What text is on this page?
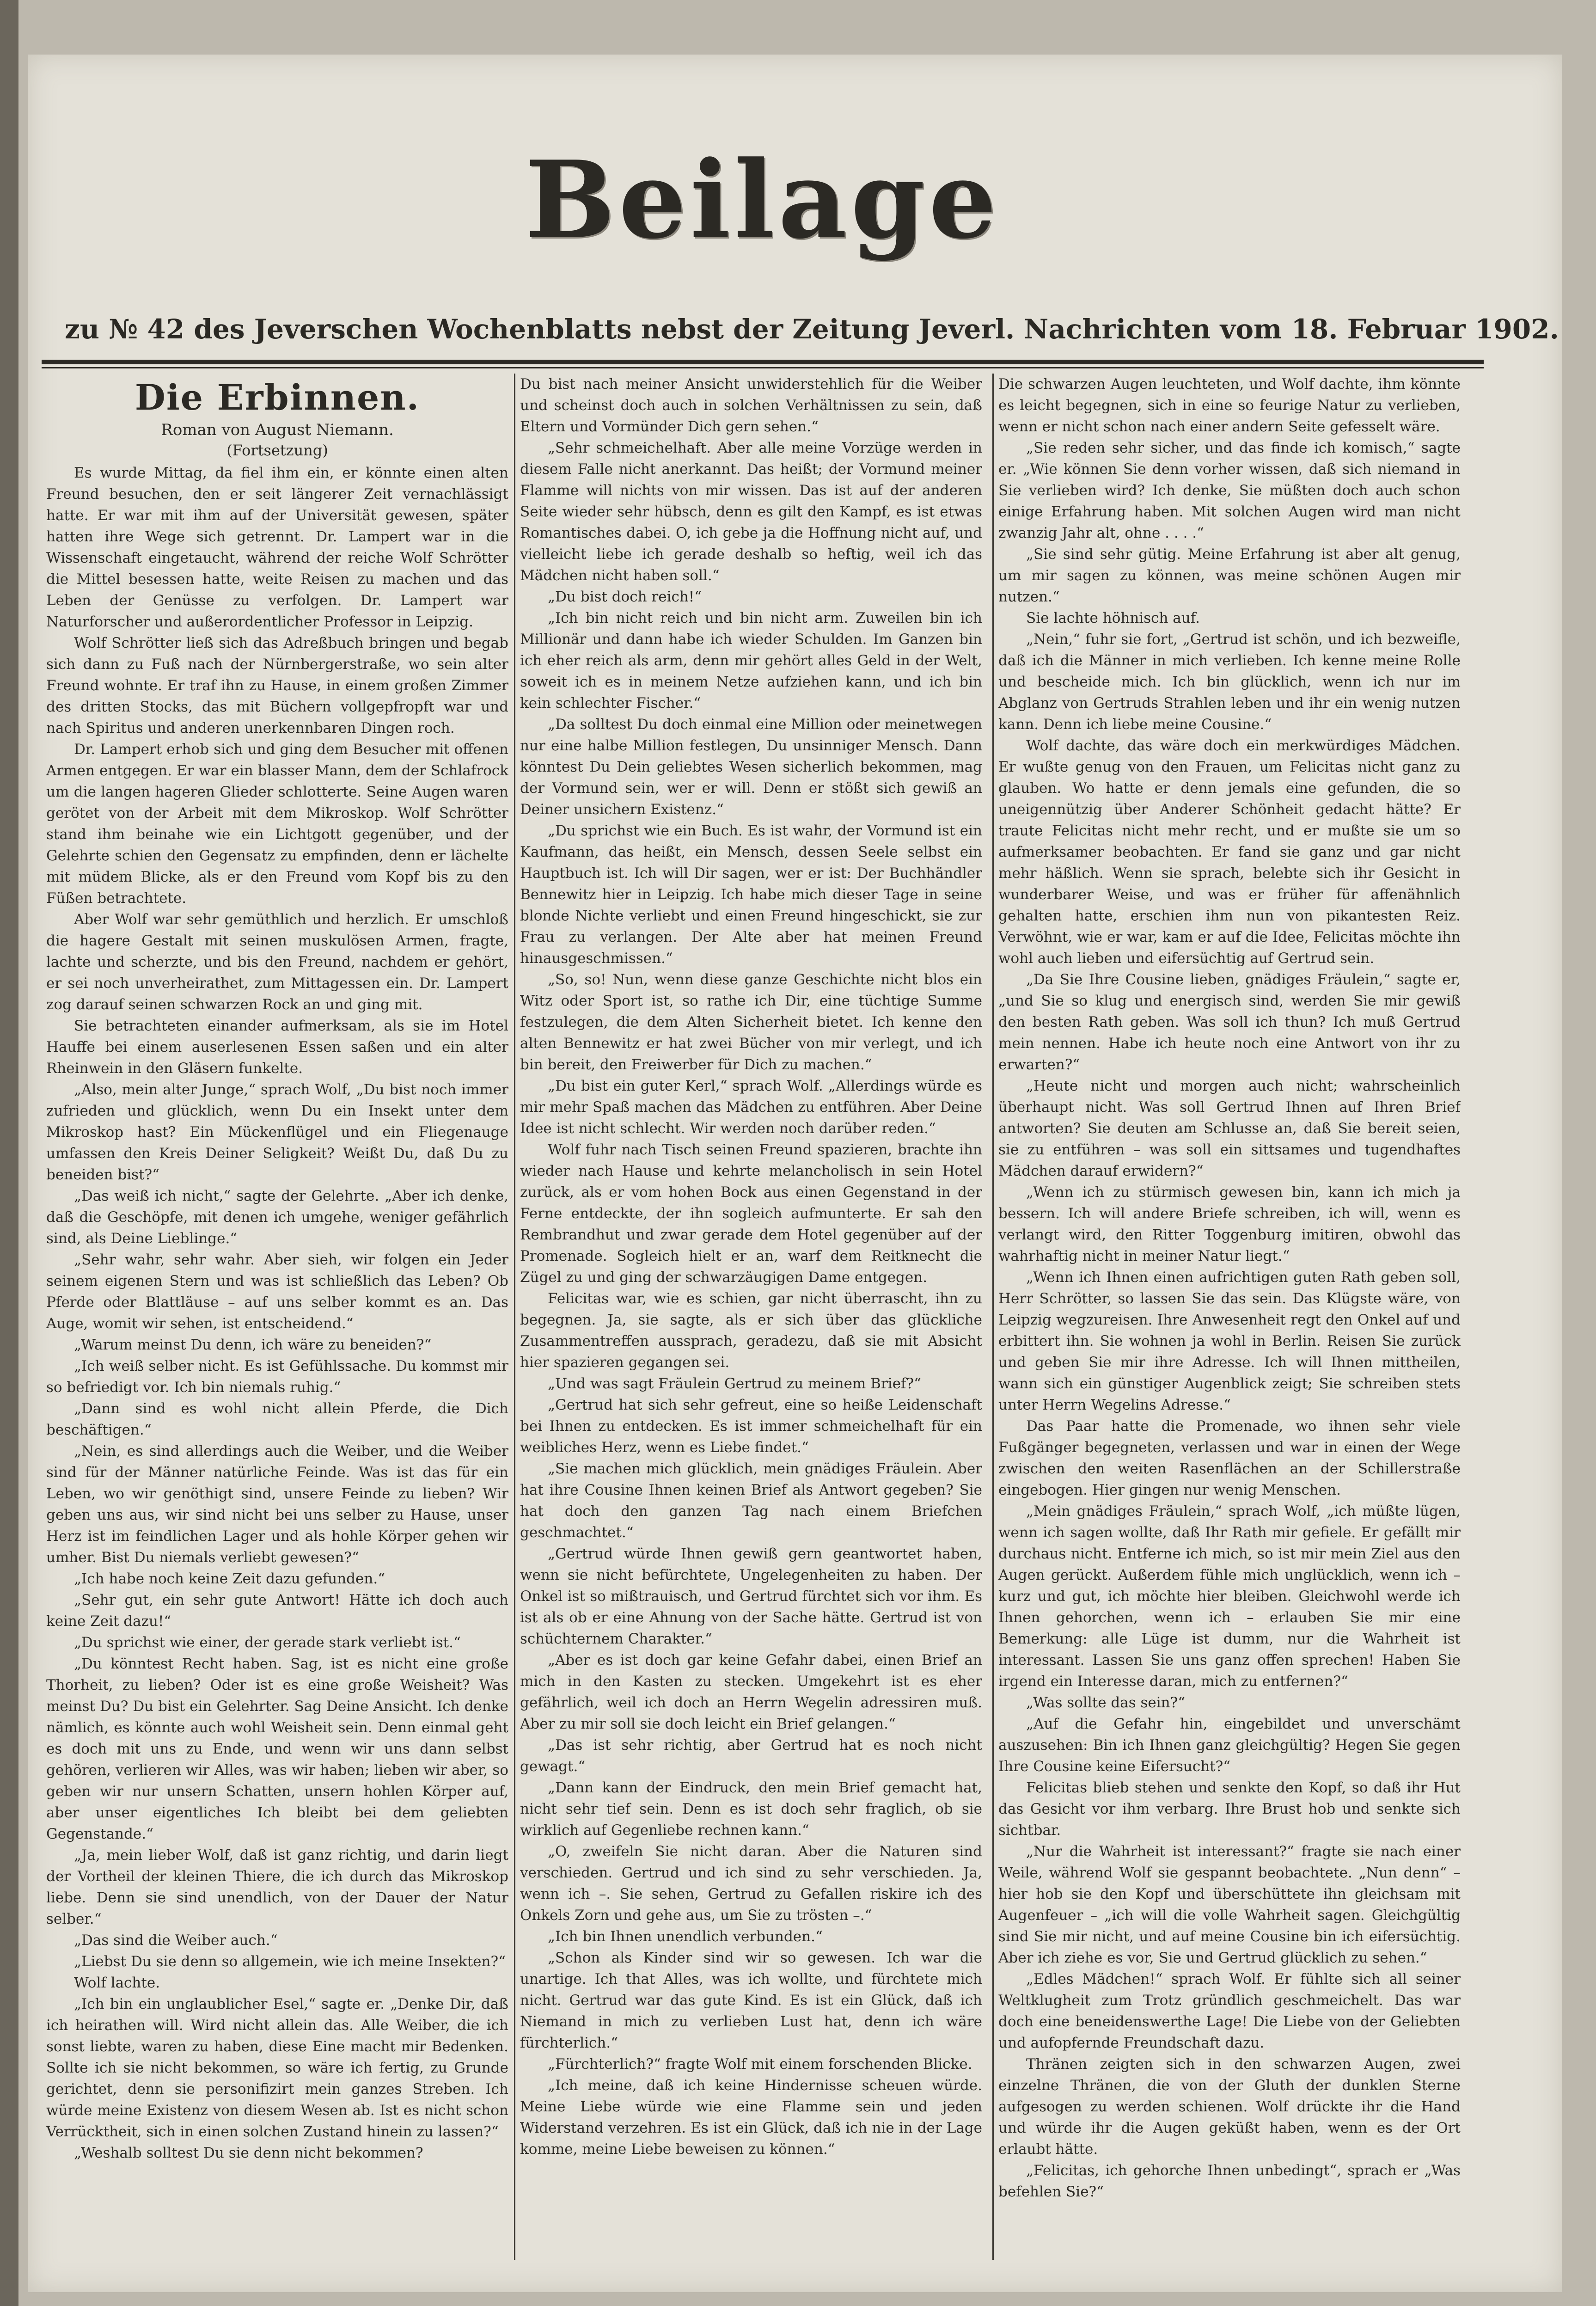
Beilage
zu № 42 des Jeverschen Wochenblatts nebst der Zeitung Jeverl. Nachrichten vom 18. Februar 1902.
Die Erbinnen.
Roman von August Niemann.
(Fortsetzung)

Es wurde Mittag, da fiel ihm ein, er könnte einen alten Freund besuchen, den er seit längerer Zeit vernachlässigt hatte. Er war mit ihm auf der Universität gewesen, später hatten ihre Wege sich getrennt. Dr. Lampert war in die Wissenschaft eingetaucht, während der reiche Wolf Schrötter die Mittel besessen hatte, weite Reisen zu machen und das Leben der Genüsse zu verfolgen. Dr. Lampert war Naturforscher und außerordentlicher Professor in Leipzig.

Wolf Schrötter ließ sich das Adreßbuch bringen und begab sich dann zu Fuß nach der Nürnbergerstraße, wo sein alter Freund wohnte. Er traf ihn zu Hause, in einem großen Zimmer des dritten Stocks, das mit Büchern vollgepfropft war und nach Spiritus und anderen unerkennbaren Dingen roch.

Dr. Lampert erhob sich und ging dem Besucher mit offenen Armen entgegen. Er war ein blasser Mann, dem der Schlafrock um die langen hageren Glieder schlotterte. Seine Augen waren gerötet von der Arbeit mit dem Mikroskop. Wolf Schrötter stand ihm beinahe wie ein Lichtgott gegenüber, und der Gelehrte schien den Gegensatz zu empfinden, denn er lächelte mit müdem Blicke, als er den Freund vom Kopf bis zu den Füßen betrachtete.

Aber Wolf war sehr gemüthlich und herzlich. Er umschloß die hagere Gestalt mit seinen muskulösen Armen, fragte, lachte und scherzte, und bis den Freund, nachdem er gehört, er sei noch unverheirathet, zum Mittagessen ein. Dr. Lampert zog darauf seinen schwarzen Rock an und ging mit.

Sie betrachteten einander aufmerksam, als sie im Hotel Hauffe bei einem auserlesenen Essen saßen und ein alter Rheinwein in den Gläsern funkelte.

„Also, mein alter Junge,“ sprach Wolf, „Du bist noch immer zufrieden und glücklich, wenn Du ein Insekt unter dem Mikroskop hast? Ein Mückenflügel und ein Fliegenauge umfassen den Kreis Deiner Seligkeit? Weißt Du, daß Du zu beneiden bist?“

„Das weiß ich nicht,“ sagte der Gelehrte. „Aber ich denke, daß die Geschöpfe, mit denen ich umgehe, weniger gefährlich sind, als Deine Lieblinge.“

„Sehr wahr, sehr wahr. Aber sieh, wir folgen ein Jeder seinem eigenen Stern und was ist schließlich das Leben? Ob Pferde oder Blattläuse – auf uns selber kommt es an. Das Auge, womit wir sehen, ist entscheidend.“

„Warum meinst Du denn, ich wäre zu beneiden?“

„Ich weiß selber nicht. Es ist Gefühlssache. Du kommst mir so befriedigt vor. Ich bin niemals ruhig.“

„Dann sind es wohl nicht allein Pferde, die Dich beschäftigen.“

„Nein, es sind allerdings auch die Weiber, und die Weiber sind für der Männer natürliche Feinde. Was ist das für ein Leben, wo wir genöthigt sind, unsere Feinde zu lieben? Wir geben uns aus, wir sind nicht bei uns selber zu Hause, unser Herz ist im feindlichen Lager und als hohle Körper gehen wir umher. Bist Du niemals verliebt gewesen?“

„Ich habe noch keine Zeit dazu gefunden.“

„Sehr gut, ein sehr gute Antwort! Hätte ich doch auch keine Zeit dazu!“

„Du sprichst wie einer, der gerade stark verliebt ist.“

„Du könntest Recht haben. Sag, ist es nicht eine große Thorheit, zu lieben? Oder ist es eine große Weisheit? Was meinst Du? Du bist ein Gelehrter. Sag Deine Ansicht. Ich denke nämlich, es könnte auch wohl Weisheit sein. Denn einmal geht es doch mit uns zu Ende, und wenn wir uns dann selbst gehören, verlieren wir Alles, was wir haben; lieben wir aber, so geben wir nur unsern Schatten, unsern hohlen Körper auf, aber unser eigentliches Ich bleibt bei dem geliebten Gegenstande.“

„Ja, mein lieber Wolf, daß ist ganz richtig, und darin liegt der Vortheil der kleinen Thiere, die ich durch das Mikroskop liebe. Denn sie sind unendlich, von der Dauer der Natur selber.“

„Das sind die Weiber auch.“

„Liebst Du sie denn so allgemein, wie ich meine Insekten?“

Wolf lachte.

„Ich bin ein unglaublicher Esel,“ sagte er. „Denke Dir, daß ich heirathen will. Wird nicht allein das. Alle Weiber, die ich sonst liebte, waren zu haben, diese Eine macht mir Bedenken. Sollte ich sie nicht bekommen, so wäre ich fertig, zu Grunde gerichtet, denn sie personifizirt mein ganzes Streben. Ich würde meine Existenz von diesem Wesen ab. Ist es nicht schon Verrücktheit, sich in einen solchen Zustand hinein zu lassen?“

„Weshalb solltest Du sie denn nicht bekommen?

Du bist nach meiner Ansicht unwiderstehlich für die Weiber und scheinst doch auch in solchen Verhältnissen zu sein, daß Eltern und Vormünder Dich gern sehen.“

„Sehr schmeichelhaft. Aber alle meine Vorzüge werden in diesem Falle nicht anerkannt. Das heißt; der Vormund meiner Flamme will nichts von mir wissen. Das ist auf der anderen Seite wieder sehr hübsch, denn es gilt den Kampf, es ist etwas Romantisches dabei. O, ich gebe ja die Hoffnung nicht auf, und vielleicht liebe ich gerade deshalb so heftig, weil ich das Mädchen nicht haben soll.“

„Du bist doch reich!“

„Ich bin nicht reich und bin nicht arm. Zuweilen bin ich Millionär und dann habe ich wieder Schulden. Im Ganzen bin ich eher reich als arm, denn mir gehört alles Geld in der Welt, soweit ich es in meinem Netze aufziehen kann, und ich bin kein schlechter Fischer.“

„Da solltest Du doch einmal eine Million oder meinetwegen nur eine halbe Million festlegen, Du unsinniger Mensch. Dann könntest Du Dein geliebtes Wesen sicherlich bekommen, mag der Vormund sein, wer er will. Denn er stößt sich gewiß an Deiner unsichern Existenz.“

„Du sprichst wie ein Buch. Es ist wahr, der Vormund ist ein Kaufmann, das heißt, ein Mensch, dessen Seele selbst ein Hauptbuch ist. Ich will Dir sagen, wer er ist: Der Buchhändler Bennewitz hier in Leipzig. Ich habe mich dieser Tage in seine blonde Nichte verliebt und einen Freund hingeschickt, sie zur Frau zu verlangen. Der Alte aber hat meinen Freund hinausgeschmissen.“

„So, so! Nun, wenn diese ganze Geschichte nicht blos ein Witz oder Sport ist, so rathe ich Dir, eine tüchtige Summe festzulegen, die dem Alten Sicherheit bietet. Ich kenne den alten Bennewitz er hat zwei Bücher von mir verlegt, und ich bin bereit, den Freiwerber für Dich zu machen.“

„Du bist ein guter Kerl,“ sprach Wolf. „Allerdings würde es mir mehr Spaß machen das Mädchen zu entführen. Aber Deine Idee ist nicht schlecht. Wir werden noch darüber reden.“

Wolf fuhr nach Tisch seinen Freund spazieren, brachte ihn wieder nach Hause und kehrte melancholisch in sein Hotel zurück, als er vom hohen Bock aus einen Gegenstand in der Ferne entdeckte, der ihn sogleich aufmunterte. Er sah den Rembrandhut und zwar gerade dem Hotel gegenüber auf der Promenade. Sogleich hielt er an, warf dem Reitknecht die Zügel zu und ging der schwarzäugigen Dame entgegen.

Felicitas war, wie es schien, gar nicht überrascht, ihn zu begegnen. Ja, sie sagte, als er sich über das glückliche Zusammentreffen aussprach, geradezu, daß sie mit Absicht hier spazieren gegangen sei.

„Und was sagt Fräulein Gertrud zu meinem Brief?“

„Gertrud hat sich sehr gefreut, eine so heiße Leidenschaft bei Ihnen zu entdecken. Es ist immer schmeichelhaft für ein weibliches Herz, wenn es Liebe findet.“

„Sie machen mich glücklich, mein gnädiges Fräulein. Aber hat ihre Cousine Ihnen keinen Brief als Antwort gegeben? Sie hat doch den ganzen Tag nach einem Briefchen geschmachtet.“

„Gertrud würde Ihnen gewiß gern geantwortet haben, wenn sie nicht befürchtete, Ungelegenheiten zu haben. Der Onkel ist so mißtrauisch, und Gertrud fürchtet sich vor ihm. Es ist als ob er eine Ahnung von der Sache hätte. Gertrud ist von schüchternem Charakter.“

„Aber es ist doch gar keine Gefahr dabei, einen Brief an mich in den Kasten zu stecken. Umgekehrt ist es eher gefährlich, weil ich doch an Herrn Wegelin adressiren muß. Aber zu mir soll sie doch leicht ein Brief gelangen.“

„Das ist sehr richtig, aber Gertrud hat es noch nicht gewagt.“

„Dann kann der Eindruck, den mein Brief gemacht hat, nicht sehr tief sein. Denn es ist doch sehr fraglich, ob sie wirklich auf Gegenliebe rechnen kann.“

„O, zweifeln Sie nicht daran. Aber die Naturen sind verschieden. Gertrud und ich sind zu sehr verschieden. Ja, wenn ich –. Sie sehen, Gertrud zu Gefallen riskire ich des Onkels Zorn und gehe aus, um Sie zu trösten –.“

„Ich bin Ihnen unendlich verbunden.“

„Schon als Kinder sind wir so gewesen. Ich war die unartige. Ich that Alles, was ich wollte, und fürchtete mich nicht. Gertrud war das gute Kind. Es ist ein Glück, daß ich Niemand in mich zu verlieben Lust hat, denn ich wäre fürchterlich.“

„Fürchterlich?“ fragte Wolf mit einem forschenden Blicke.

„Ich meine, daß ich keine Hindernisse scheuen würde. Meine Liebe würde wie eine Flamme sein und jeden Widerstand verzehren. Es ist ein Glück, daß ich nie in der Lage komme, meine Liebe beweisen zu können.“

Die schwarzen Augen leuchteten, und Wolf dachte, ihm könnte es leicht begegnen, sich in eine so feurige Natur zu verlieben, wenn er nicht schon nach einer andern Seite gefesselt wäre.

„Sie reden sehr sicher, und das finde ich komisch,“ sagte er. „Wie können Sie denn vorher wissen, daß sich niemand in Sie verlieben wird? Ich denke, Sie müßten doch auch schon einige Erfahrung haben. Mit solchen Augen wird man nicht zwanzig Jahr alt, ohne . . . .“

„Sie sind sehr gütig. Meine Erfahrung ist aber alt genug, um mir sagen zu können, was meine schönen Augen mir nutzen.“

Sie lachte höhnisch auf.

„Nein,“ fuhr sie fort, „Gertrud ist schön, und ich bezweifle, daß ich die Männer in mich verlieben. Ich kenne meine Rolle und bescheide mich. Ich bin glücklich, wenn ich nur im Abglanz von Gertruds Strahlen leben und ihr ein wenig nutzen kann. Denn ich liebe meine Cousine.“

Wolf dachte, das wäre doch ein merkwürdiges Mädchen. Er wußte genug von den Frauen, um Felicitas nicht ganz zu glauben. Wo hatte er denn jemals eine gefunden, die so uneigennützig über Anderer Schönheit gedacht hätte? Er traute Felicitas nicht mehr recht, und er mußte sie um so aufmerksamer beobachten. Er fand sie ganz und gar nicht mehr häßlich. Wenn sie sprach, belebte sich ihr Gesicht in wunderbarer Weise, und was er früher für affenähnlich gehalten hatte, erschien ihm nun von pikantesten Reiz. Verwöhnt, wie er war, kam er auf die Idee, Felicitas möchte ihn wohl auch lieben und eifersüchtig auf Gertrud sein.

„Da Sie Ihre Cousine lieben, gnädiges Fräulein,“ sagte er, „und Sie so klug und energisch sind, werden Sie mir gewiß den besten Rath geben. Was soll ich thun? Ich muß Gertrud mein nennen. Habe ich heute noch eine Antwort von ihr zu erwarten?“

„Heute nicht und morgen auch nicht; wahrscheinlich überhaupt nicht. Was soll Gertrud Ihnen auf Ihren Brief antworten? Sie deuten am Schlusse an, daß Sie bereit seien, sie zu entführen – was soll ein sittsames und tugendhaftes Mädchen darauf erwidern?“

„Wenn ich zu stürmisch gewesen bin, kann ich mich ja bessern. Ich will andere Briefe schreiben, ich will, wenn es verlangt wird, den Ritter Toggenburg imitiren, obwohl das wahrhaftig nicht in meiner Natur liegt.“

„Wenn ich Ihnen einen aufrichtigen guten Rath geben soll, Herr Schrötter, so lassen Sie das sein. Das Klügste wäre, von Leipzig wegzureisen. Ihre Anwesenheit regt den Onkel auf und erbittert ihn. Sie wohnen ja wohl in Berlin. Reisen Sie zurück und geben Sie mir ihre Adresse. Ich will Ihnen mittheilen, wann sich ein günstiger Augenblick zeigt; Sie schreiben stets unter Herrn Wegelins Adresse.“

Das Paar hatte die Promenade, wo ihnen sehr viele Fußgänger begegneten, verlassen und war in einen der Wege zwischen den weiten Rasenflächen an der Schillerstraße eingebogen. Hier gingen nur wenig Menschen.

„Mein gnädiges Fräulein,“ sprach Wolf, „ich müßte lügen, wenn ich sagen wollte, daß Ihr Rath mir gefiele. Er gefällt mir durchaus nicht. Entferne ich mich, so ist mir mein Ziel aus den Augen gerückt. Außerdem fühle mich unglücklich, wenn ich – kurz und gut, ich möchte hier bleiben. Gleichwohl werde ich Ihnen gehorchen, wenn ich – erlauben Sie mir eine Bemerkung: alle Lüge ist dumm, nur die Wahrheit ist interessant. Lassen Sie uns ganz offen sprechen! Haben Sie irgend ein Interesse daran, mich zu entfernen?“

„Was sollte das sein?“

„Auf die Gefahr hin, eingebildet und unverschämt auszusehen: Bin ich Ihnen ganz gleichgültig? Hegen Sie gegen Ihre Cousine keine Eifersucht?“

Felicitas blieb stehen und senkte den Kopf, so daß ihr Hut das Gesicht vor ihm verbarg. Ihre Brust hob und senkte sich sichtbar.

„Nur die Wahrheit ist interessant?“ fragte sie nach einer Weile, während Wolf sie gespannt beobachtete. „Nun denn“ – hier hob sie den Kopf und überschüttete ihn gleichsam mit Augenfeuer – „ich will die volle Wahrheit sagen. Gleichgültig sind Sie mir nicht, und auf meine Cousine bin ich eifersüchtig. Aber ich ziehe es vor, Sie und Gertrud glücklich zu sehen.“

„Edles Mädchen!“ sprach Wolf. Er fühlte sich all seiner Weltklugheit zum Trotz gründlich geschmeichelt. Das war doch eine beneidenswerthe Lage! Die Liebe von der Geliebten und aufopfernde Freundschaft dazu.

Thränen zeigten sich in den schwarzen Augen, zwei einzelne Thränen, die von der Gluth der dunklen Sterne aufgesogen zu werden schienen. Wolf drückte ihr die Hand und würde ihr die Augen geküßt haben, wenn es der Ort erlaubt hätte.

„Felicitas, ich gehorche Ihnen unbedingt“, sprach er „Was befehlen Sie?“
